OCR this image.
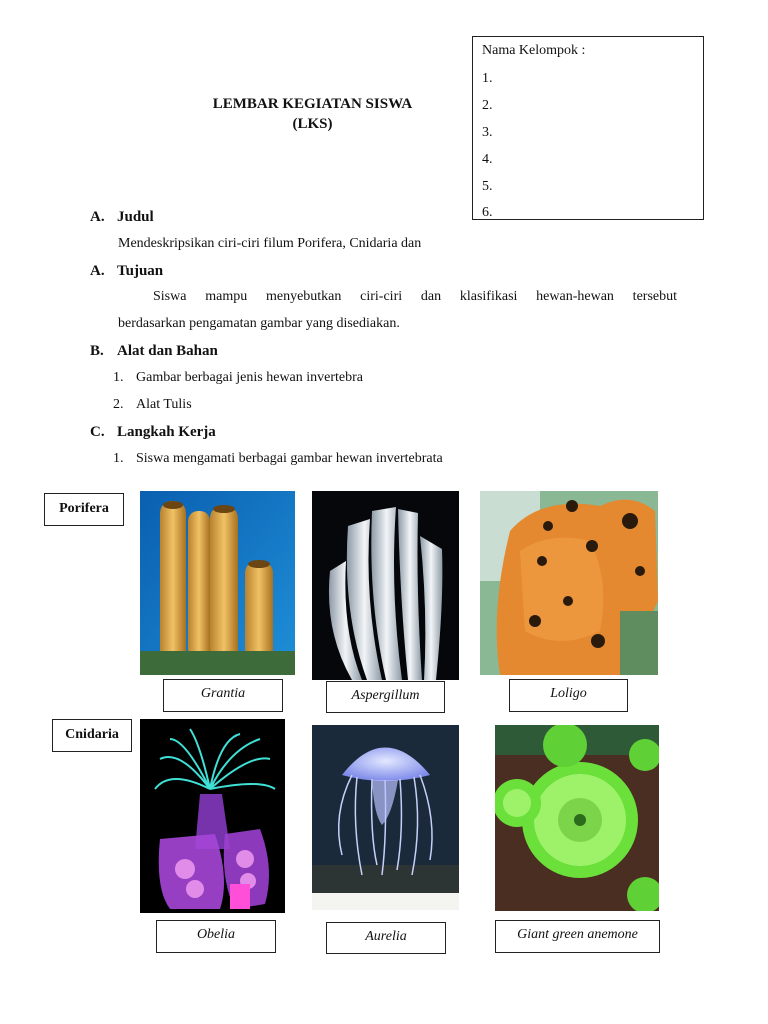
Nama Kelompok :
1.
2.
3.
4.
5.
6.
LEMBAR KEGIATAN SISWA
(LKS)
A. Judul
Mendeskripsikan ciri-ciri filum Porifera, Cnidaria dan
A. Tujuan
Siswa mampu menyebutkan ciri-ciri dan klasifikasi hewan-hewan tersebut
berdasarkan pengamatan gambar yang disediakan.
B. Alat dan Bahan
1. Gambar berbagai jenis hewan invertebra
2. Alat Tulis
C. Langkah Kerja
1. Siswa mengamati berbagai gambar hewan invertebrata
Porifera
Cnidaria
Grantia	Aspergillum	Loligo
Obelia	Aurelia	Giant green anemone
